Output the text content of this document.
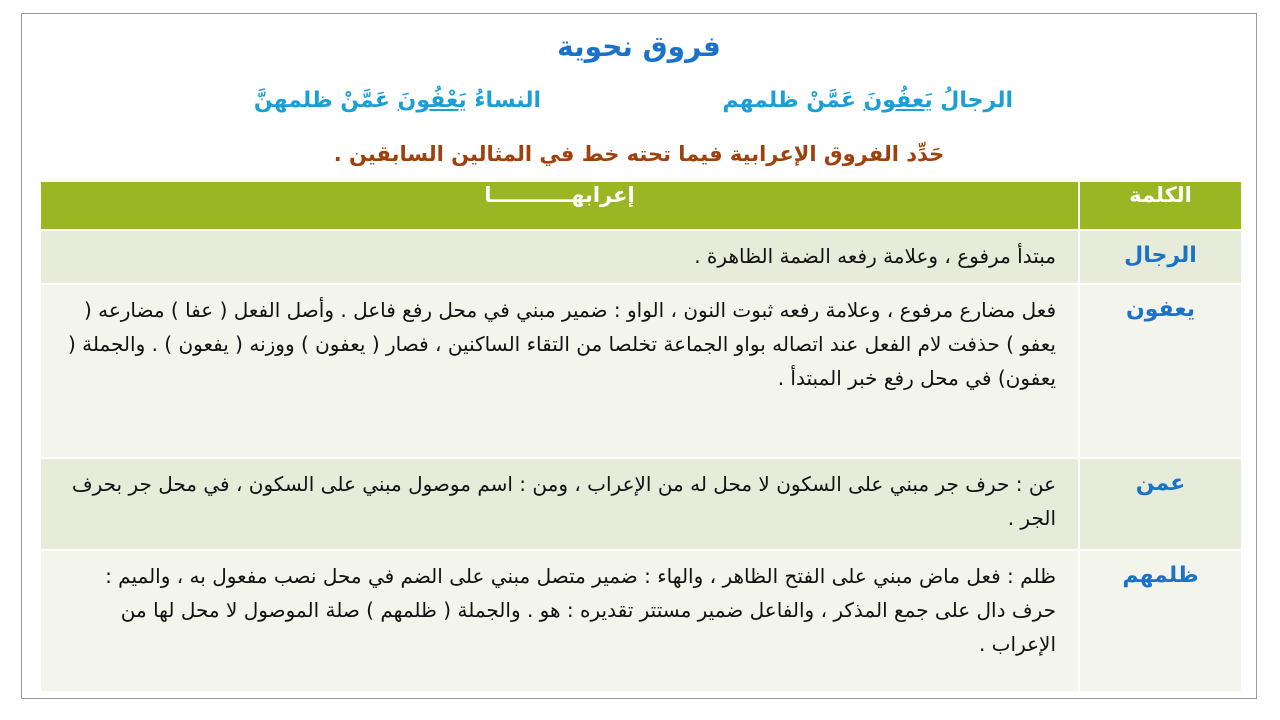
فروق نحوية
الرجالُ يَعفُونَ عَمَّنْ ظلمهم
النساءُ يَعْفُونَ عَمَّنْ ظلمهنَّ
حَدِّد الفروق الإعرابية فيما تحته خط في المثالين السابقين .
الكلمة	إعرابهـــــــــــا
الرجال	مبتدأ مرفوع ، وعلامة رفعه الضمة الظاهرة .
يعفون	فعل مضارع مرفوع ، وعلامة رفعه ثبوت النون ، الواو : ضمير مبني في محل رفع فاعل . وأصل الفعل ( عفا ) مضارعه ( يعفو ) حذفت لام الفعل عند اتصاله بواو الجماعة تخلصا من التقاء الساكنين ، فصار ( يعفون ) ووزنه ( يفعون ) . والجملة ( يعفون) في محل رفع خبر المبتدأ .
عمن	عن : حرف جر مبني على السكون لا محل له من الإعراب ، ومن : اسم موصول مبني على السكون ، في محل جر بحرف الجر .
ظلمهم	ظلم : فعل ماض مبني على الفتح الظاهر ، والهاء : ضمير متصل مبني على الضم في محل نصب مفعول به ، والميم : حرف دال على جمع المذكر ، والفاعل ضمير مستتر تقديره : هو . والجملة ( ظلمهم ) صلة الموصول لا محل لها من الإعراب .
